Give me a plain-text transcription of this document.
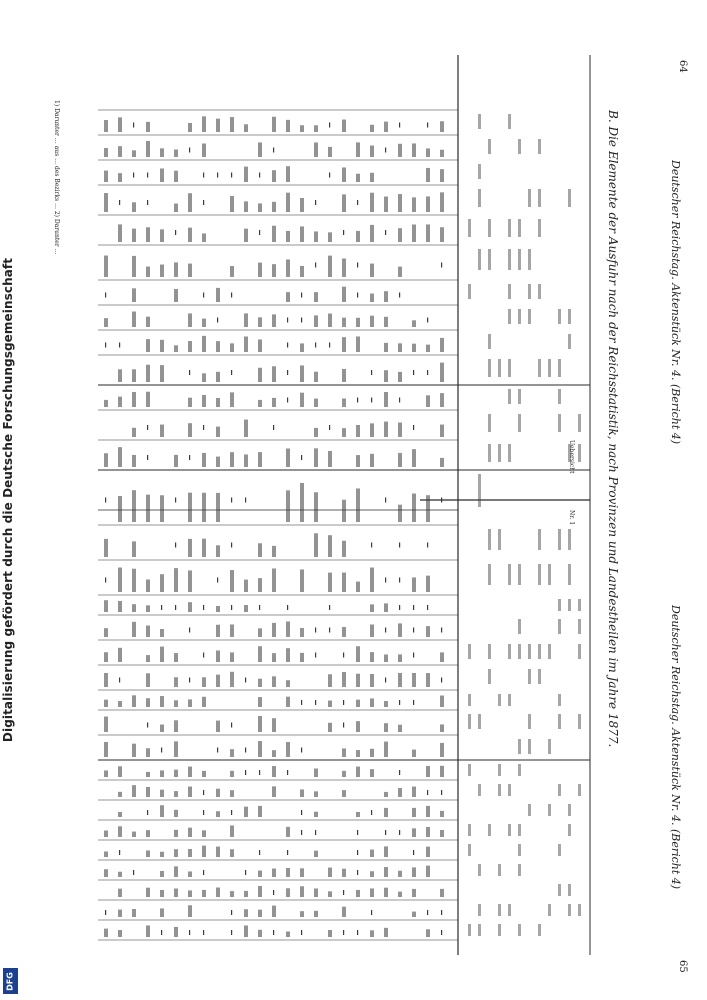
Digitalisierung gefördert durch die Deutsche Forschungsgemeinschaft
DFG
64
Deutscher Reichstag. Aktenstück Nr. 4. (Bericht 4)
B. Die Elemente der Ausfuhr nach der Reichsstatistik, nach Provinzen und Landestheilen im Jahre 1877.
Uebersicht
Nr. 1
Deutscher Reichstag. Aktenstück Nr. 4. (Bericht 4)
65
1) Darunter … aus … des Bezirks … 2) Darunter …
